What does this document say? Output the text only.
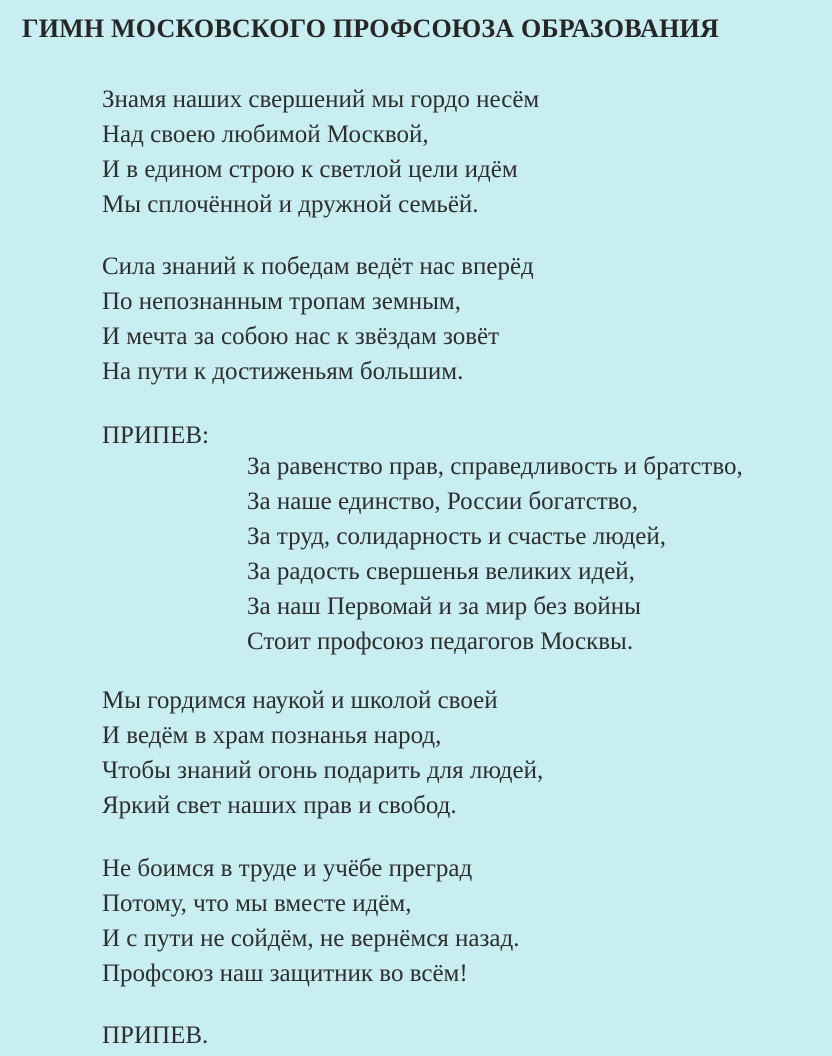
ГИМН МОСКОВСКОГО ПРОФСОЮЗА ОБРАЗОВАНИЯ
Знамя наших свершений мы гордо несём
Над своею любимой Москвой,
И в едином строю к светлой цели идём
Мы сплочённой и дружной семьёй.
Сила знаний к победам ведёт нас вперёд
По непознанным тропам земным,
И мечта за собою нас к звёздам зовёт
На пути к достиженьям большим.
ПРИПЕВ:
За равенство прав, справедливость и братство,
За наше единство, России богатство,
За труд, солидарность и счастье людей,
За радость свершенья великих идей,
За наш Первомай и за мир без войны
Стоит профсоюз педагогов Москвы.
Мы гордимся наукой и школой своей
И ведём в храм познанья народ,
Чтобы знаний огонь подарить для людей,
Яркий свет наших прав и свобод.
Не боимся в труде и учёбе преград
Потому, что мы вместе идём,
И с пути не сойдём, не вернёмся назад.
Профсоюз наш защитник во всём!
ПРИПЕВ.
